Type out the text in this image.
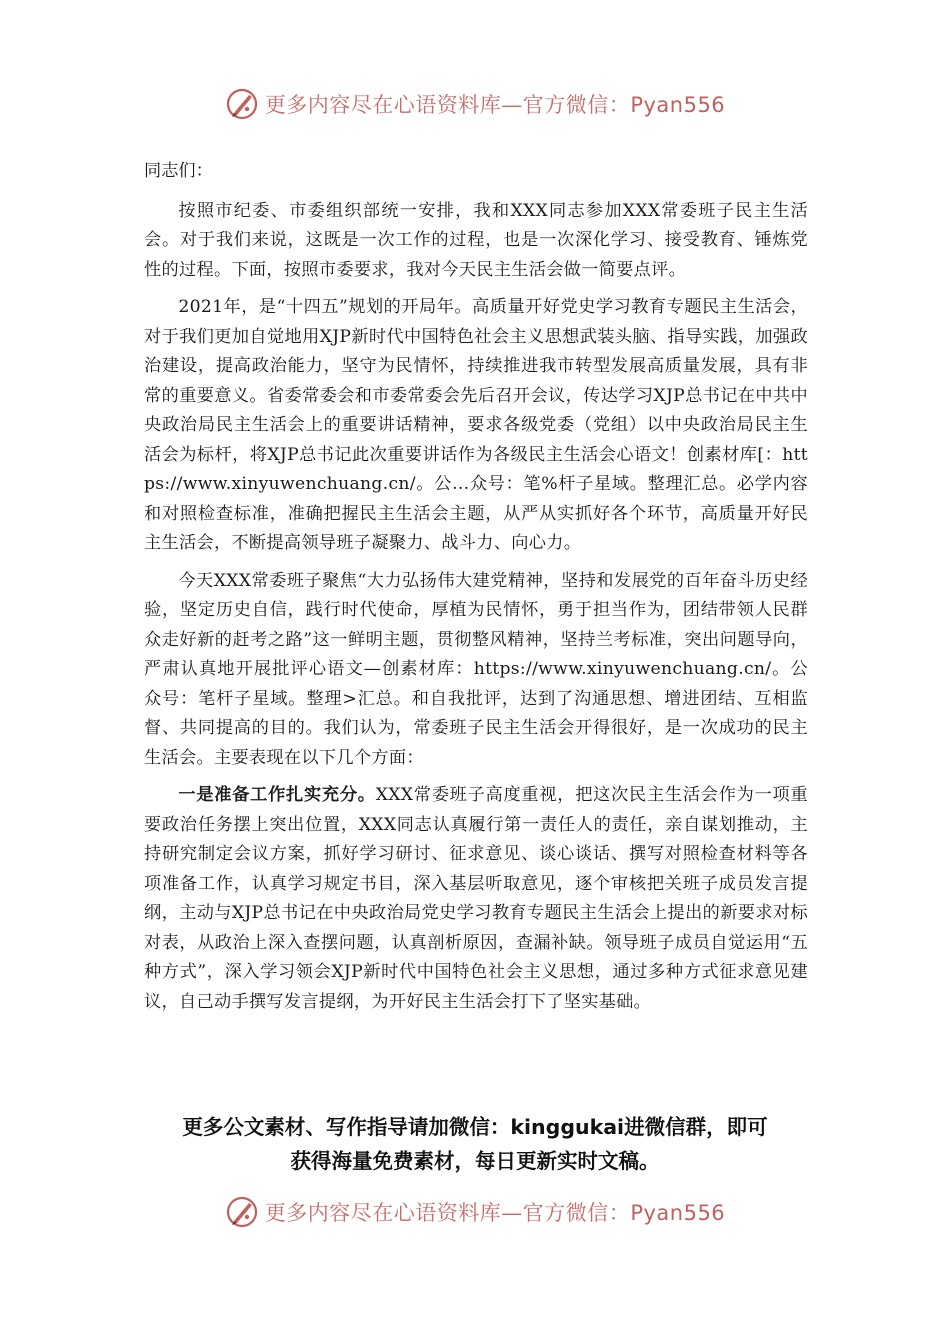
更多内容尽在心语资料库—官方微信：Pyan556

同志们：

按照市纪委、市委组织部统一安排，我和XXX同志参加XXX常委班子民主生活会。对于我们来说，这既是一次工作的过程，也是一次深化学习、接受教育、锤炼党性的过程。下面，按照市委要求，我对今天民主生活会做一简要点评。

2021年，是“十四五”规划的开局年。高质量开好党史学习教育专题民主生活会，对于我们更加自觉地用XJP新时代中国特色社会主义思想武装头脑、指导实践，加强政治建设，提高政治能力，坚守为民情怀，持续推进我市转型发展高质量发展，具有非常的重要意义。省委常委会和市委常委会先后召开会议，传达学习XJP总书记在中共中央政治局民主生活会上的重要讲话精神，要求各级党委（党组）以中央政治局民主生活会为标杆，将XJP总书记此次重要讲话作为各级民主生活会心语文！创素材库[：https://www.xinyuwenchuang.cn/。公…众号：笔%杆子星域。整理汇总。必学内容和对照检查标准，准确把握民主生活会主题，从严从实抓好各个环节，高质量开好民主生活会，不断提高领导班子凝聚力、战斗力、向心力。

今天XXX常委班子聚焦“大力弘扬伟大建党精神，坚持和发展党的百年奋斗历史经验，坚定历史自信，践行时代使命，厚植为民情怀，勇于担当作为，团结带领人民群众走好新的赶考之路”这一鲜明主题，贯彻整风精神，坚持兰考标准，突出问题导向，严肃认真地开展批评心语文—创素材库：https://www.xinyuwenchuang.cn/。公众号：笔杆子星域。整理>汇总。和自我批评，达到了沟通思想、增进团结、互相监督、共同提高的目的。我们认为，常委班子民主生活会开得很好，是一次成功的民主生活会。主要表现在以下几个方面：

一是准备工作扎实充分。XXX常委班子高度重视，把这次民主生活会作为一项重要政治任务摆上突出位置，XXX同志认真履行第一责任人的责任，亲自谋划推动，主持研究制定会议方案，抓好学习研讨、征求意见、谈心谈话、撰写对照检查材料等各项准备工作，认真学习规定书目，深入基层听取意见，逐个审核把关班子成员发言提纲，主动与XJP总书记在中央政治局党史学习教育专题民主生活会上提出的新要求对标对表，从政治上深入查摆问题，认真剖析原因，查漏补缺。领导班子成员自觉运用“五种方式”，深入学习领会XJP新时代中国特色社会主义思想，通过多种方式征求意见建议，自己动手撰写发言提纲，为开好民主生活会打下了坚实基础。

更多公文素材、写作指导请加微信：kinggukai进微信群，即可
获得海量免费素材，每日更新实时文稿。
更多内容尽在心语资料库—官方微信：Pyan556
